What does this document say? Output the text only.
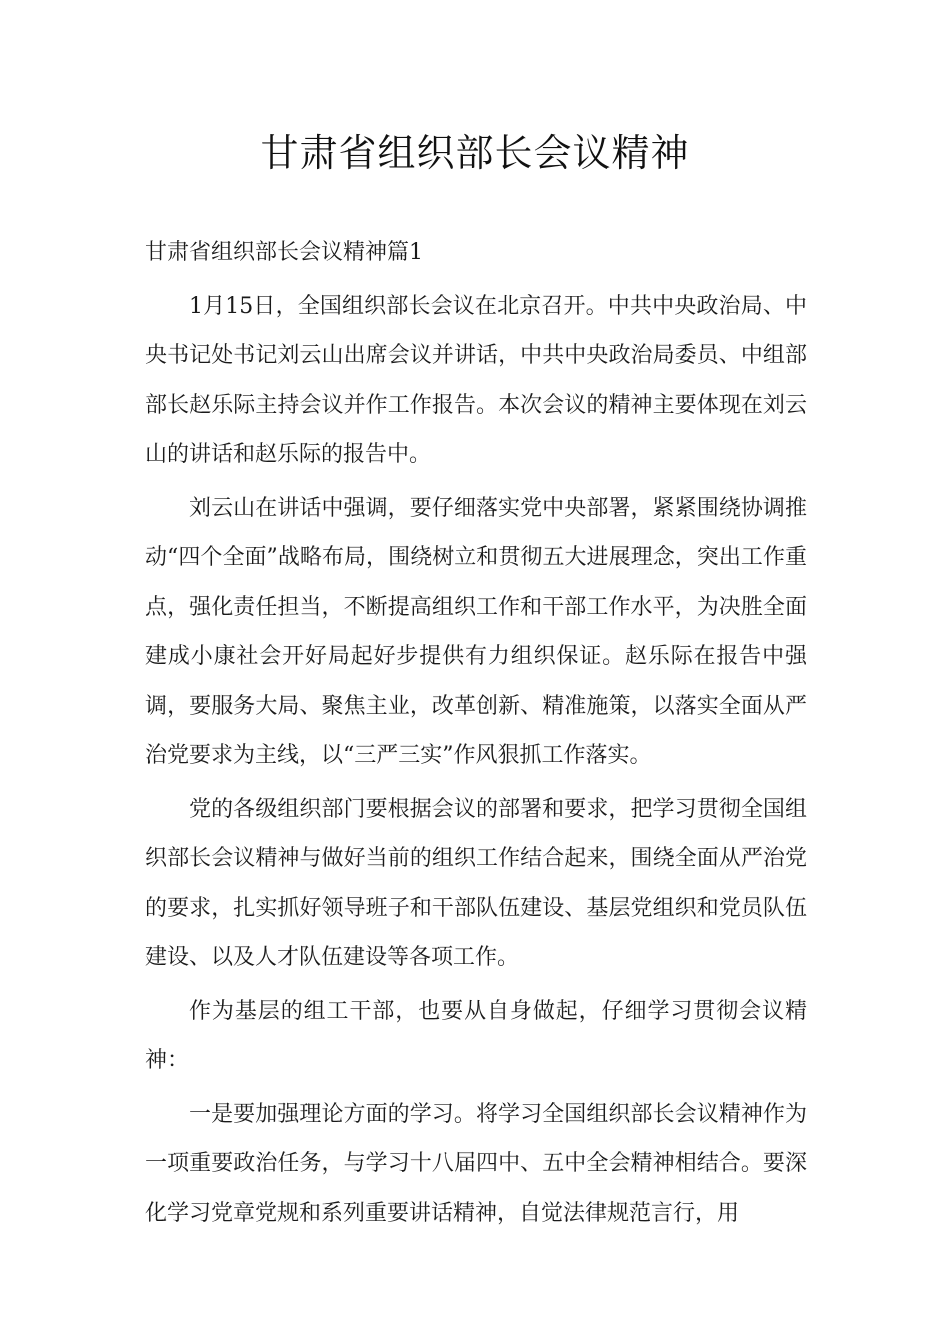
甘肃省组织部长会议精神

甘肃省组织部长会议精神篇1

1月15日，全国组织部长会议在北京召开。中共中央政治局、中央书记处书记刘云山出席会议并讲话，中共中央政治局委员、中组部部长赵乐际主持会议并作工作报告。本次会议的精神主要体现在刘云山的讲话和赵乐际的报告中。

刘云山在讲话中强调，要仔细落实党中央部署，紧紧围绕协调推动“四个全面”战略布局，围绕树立和贯彻五大进展理念，突出工作重点，强化责任担当，不断提高组织工作和干部工作水平，为决胜全面建成小康社会开好局起好步提供有力组织保证。赵乐际在报告中强调，要服务大局、聚焦主业，改革创新、精准施策，以落实全面从严治党要求为主线，以“三严三实”作风狠抓工作落实。

党的各级组织部门要根据会议的部署和要求，把学习贯彻全国组织部长会议精神与做好当前的组织工作结合起来，围绕全面从严治党的要求，扎实抓好领导班子和干部队伍建设、基层党组织和党员队伍建设、以及人才队伍建设等各项工作。

作为基层的组工干部，也要从自身做起，仔细学习贯彻会议精神：

一是要加强理论方面的学习。将学习全国组织部长会议精神作为一项重要政治任务，与学习十八届四中、五中全会精神相结合。要深化学习党章党规和系列重要讲话精神，自觉法律规范言行，用
